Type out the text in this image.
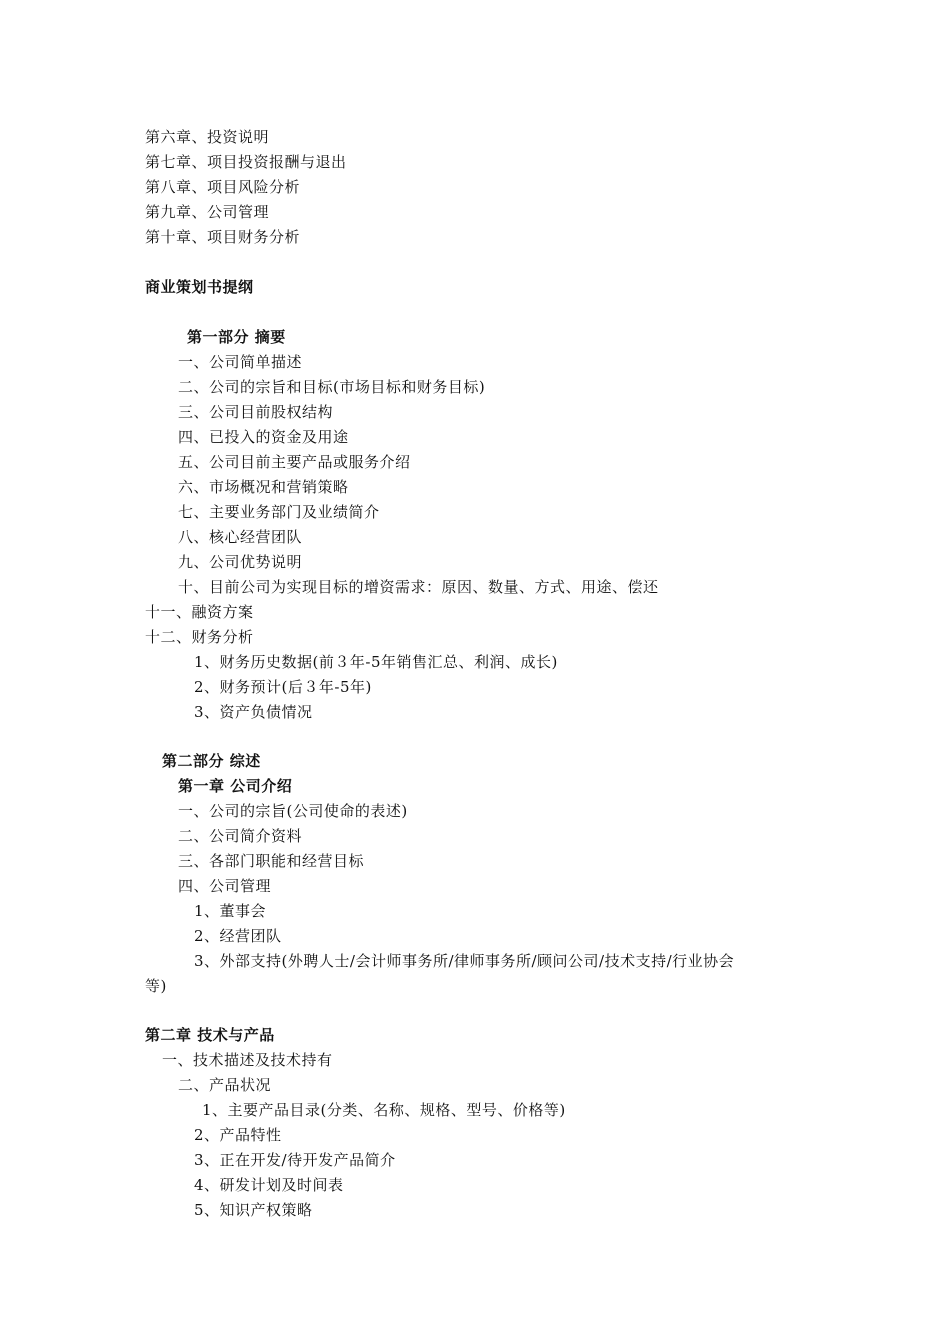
第六章、投资说明
第七章、项目投资报酬与退出
第八章、项目风险分析
第九章、公司管理
第十章、项目财务分析
商业策划书提纲
第一部分 摘要
一、公司简单描述
二、公司的宗旨和目标(市场目标和财务目标)
三、公司目前股权结构
四、已投入的资金及用途
五、公司目前主要产品或服务介绍
六、市场概况和营销策略
七、主要业务部门及业绩简介
八、核心经营团队
九、公司优势说明
十、目前公司为实现目标的增资需求：原因、数量、方式、用途、偿还
十一、融资方案
十二、财务分析
1、财务历史数据(前３年-5年销售汇总、利润、成长)
2、财务预计(后３年-5年)
3、资产负债情况
第二部分 综述
第一章 公司介绍
一、公司的宗旨(公司使命的表述)
二、公司简介资料
三、各部门职能和经营目标
四、公司管理
1、董事会
2、经营团队
3、外部支持(外聘人士/会计师事务所/律师事务所/顾问公司/技术支持/行业协会
等)
第二章 技术与产品
一、技术描述及技术持有
二、产品状况
1、主要产品目录(分类、名称、规格、型号、价格等)
2、产品特性
3、正在开发/待开发产品简介
4、研发计划及时间表
5、知识产权策略
